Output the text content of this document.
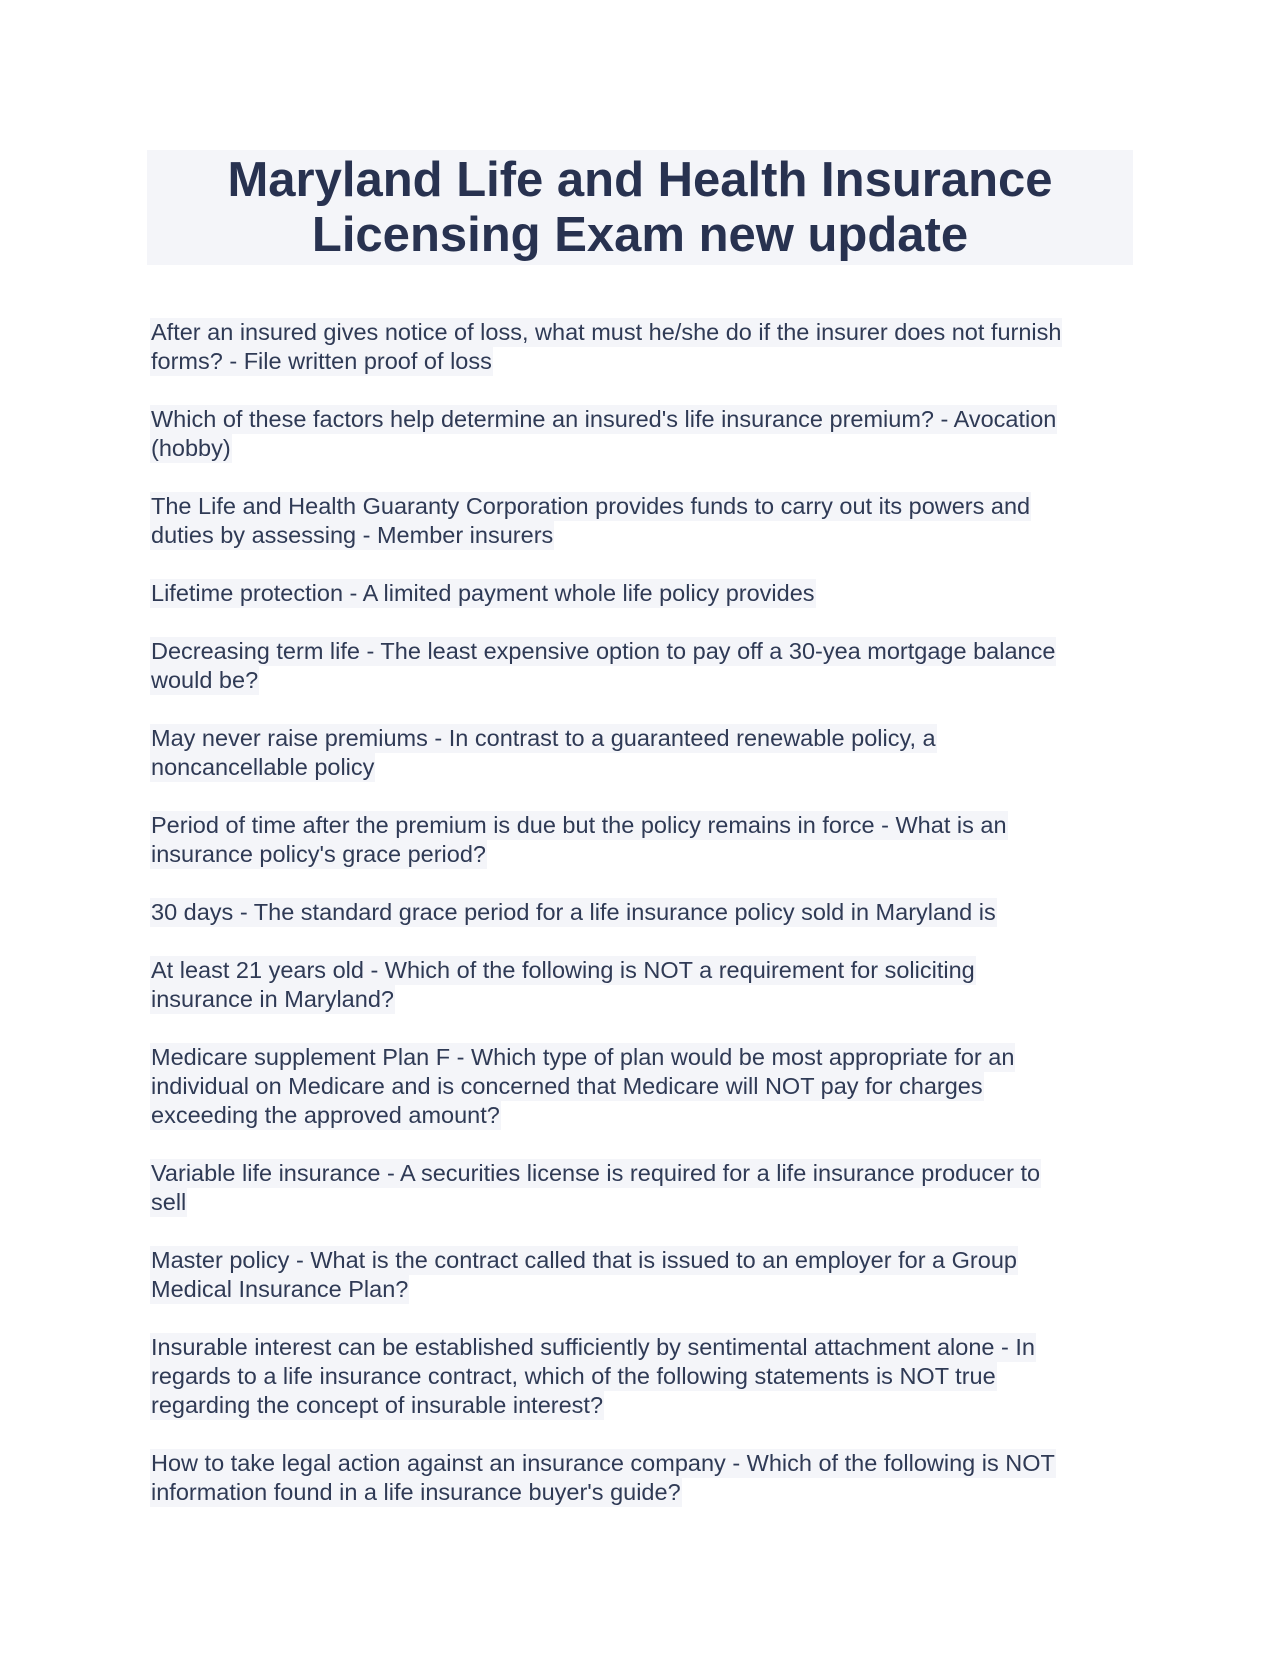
Maryland Life and Health Insurance
Licensing Exam new update
After an insured gives notice of loss, what must he/she do if the insurer does not furnish
forms? - File written proof of loss
Which of these factors help determine an insured's life insurance premium? - Avocation
(hobby)
The Life and Health Guaranty Corporation provides funds to carry out its powers and
duties by assessing - Member insurers
Lifetime protection - A limited payment whole life policy provides
Decreasing term life - The least expensive option to pay off a 30-yea mortgage balance
would be?
May never raise premiums - In contrast to a guaranteed renewable policy, a
noncancellable policy
Period of time after the premium is due but the policy remains in force - What is an
insurance policy's grace period?
30 days - The standard grace period for a life insurance policy sold in Maryland is
At least 21 years old - Which of the following is NOT a requirement for soliciting
insurance in Maryland?
Medicare supplement Plan F - Which type of plan would be most appropriate for an
individual on Medicare and is concerned that Medicare will NOT pay for charges
exceeding the approved amount?
Variable life insurance - A securities license is required for a life insurance producer to
sell
Master policy - What is the contract called that is issued to an employer for a Group
Medical Insurance Plan?
Insurable interest can be established sufficiently by sentimental attachment alone - In
regards to a life insurance contract, which of the following statements is NOT true
regarding the concept of insurable interest?
How to take legal action against an insurance company - Which of the following is NOT
information found in a life insurance buyer's guide?
